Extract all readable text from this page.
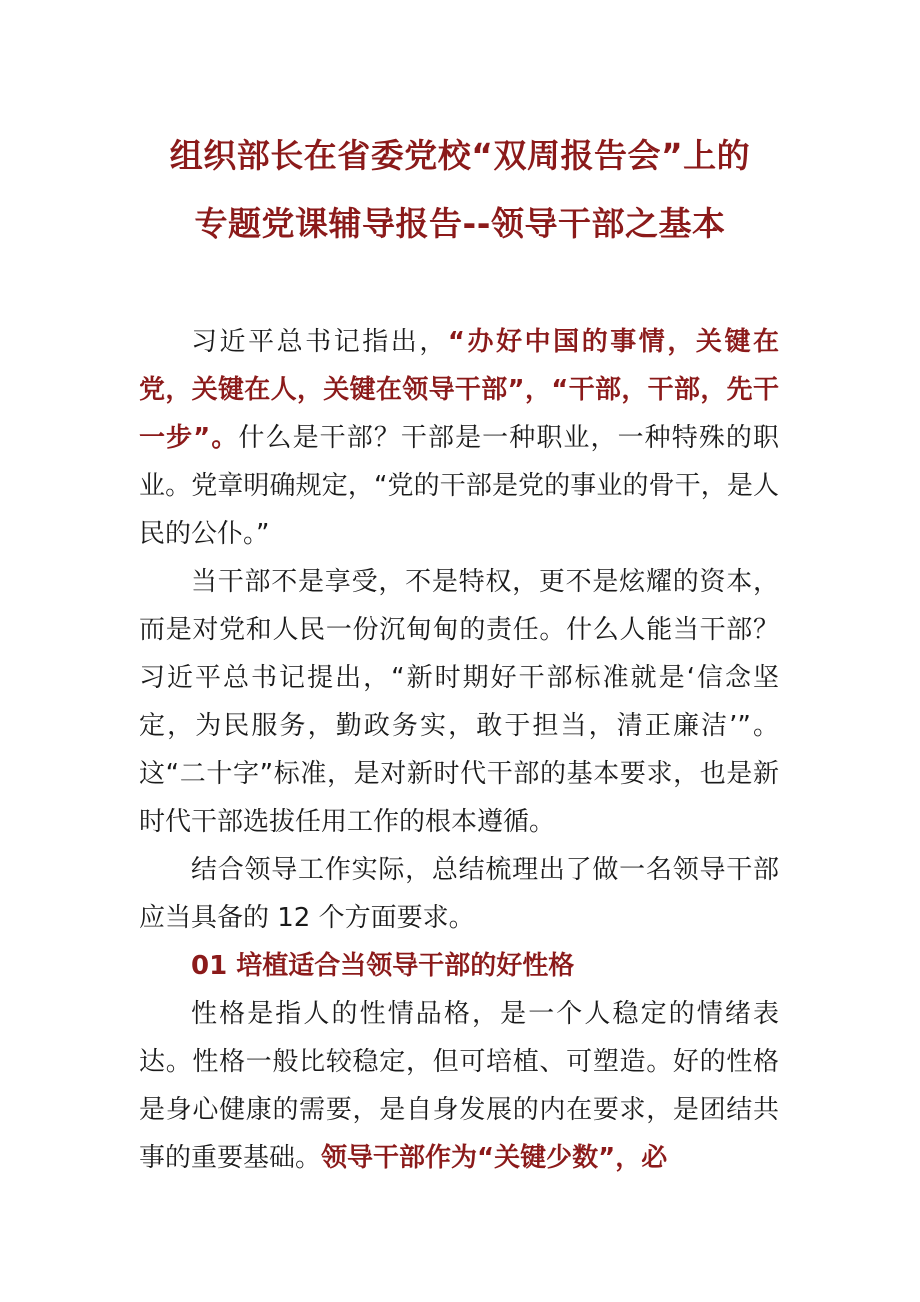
组织部长在省委党校“双周报告会”上的
专题党课辅导报告--领导干部之基本

习近平总书记指出，“办好中国的事情，关键在党，关键在人，关键在领导干部”，“干部，干部，先干一步”。什么是干部？干部是一种职业，一种特殊的职业。党章明确规定，“党的干部是党的事业的骨干，是人民的公仆。”

当干部不是享受，不是特权，更不是炫耀的资本，而是对党和人民一份沉甸甸的责任。什么人能当干部？习近平总书记提出，“新时期好干部标准就是‘信念坚定，为民服务，勤政务实，敢于担当，清正廉洁’”。这“二十字”标准，是对新时代干部的基本要求，也是新时代干部选拔任用工作的根本遵循。

结合领导工作实际，总结梳理出了做一名领导干部应当具备的 12 个方面要求。

01 培植适合当领导干部的好性格

性格是指人的性情品格，是一个人稳定的情绪表达。性格一般比较稳定，但可培植、可塑造。好的性格是身心健康的需要，是自身发展的内在要求，是团结共事的重要基础。领导干部作为“关键少数”，必
